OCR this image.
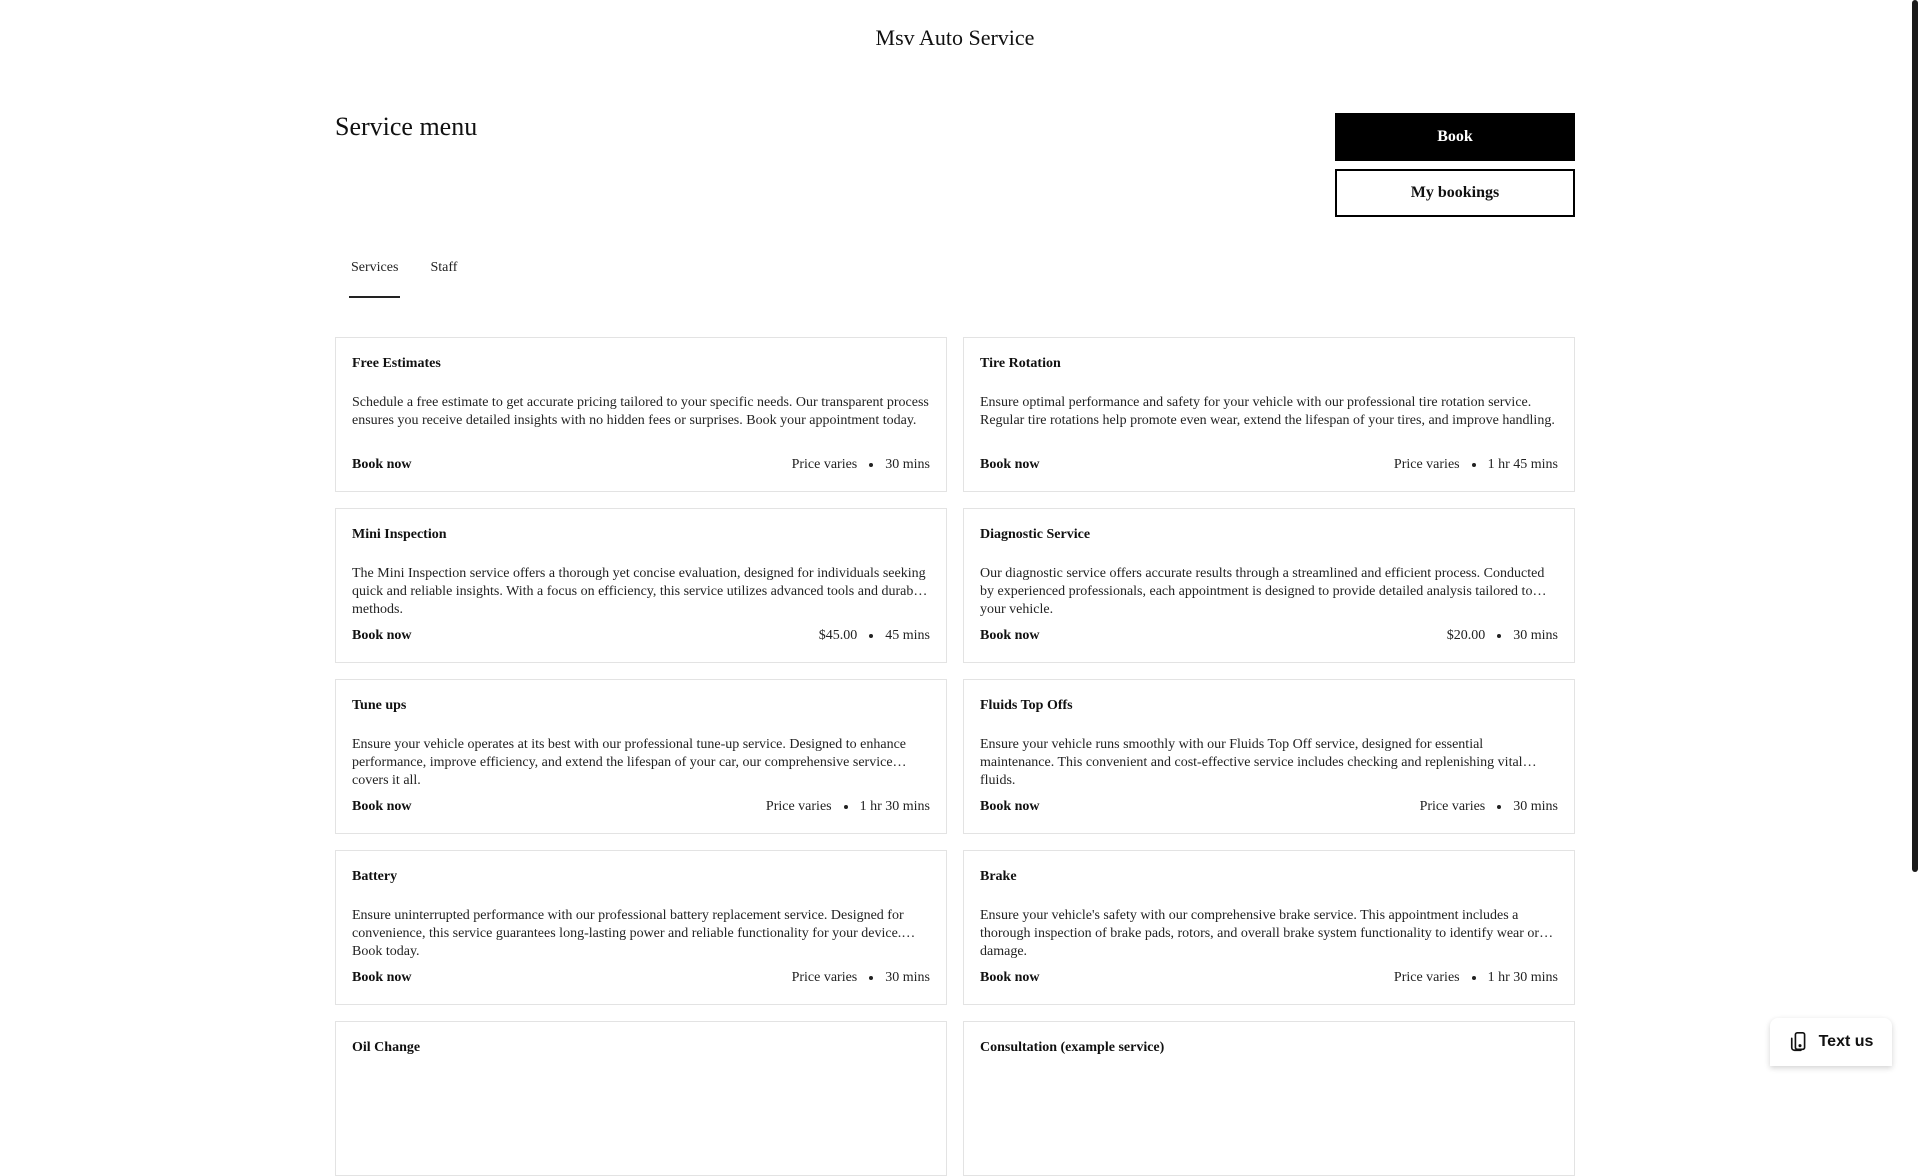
Msv Auto Service
Service menu	Book
My bookings
Services Staff
Free Estimates
Schedule a free estimate to get accurate pricing tailored to your specific needs. Our transparent process ensures you receive detailed insights with no hidden fees or surprises. Book your appointment today.
Book now	Price varies 30 mins
Tire Rotation
Ensure optimal performance and safety for your vehicle with our professional tire rotation service. Regular tire rotations help promote even wear, extend the lifespan of your tires, and improve handling.
Book now	Price varies 1 hr 45 mins
Mini Inspection
The Mini Inspection service offers a thorough yet concise evaluation, designed for individuals seeking quick and reliable insights. With a focus on efficiency, this service utilizes advanced tools and durable methods.
Book now	$45.00 45 mins
Diagnostic Service
Our diagnostic service offers accurate results through a streamlined and efficient process. Conducted by experienced professionals, each appointment is designed to provide detailed analysis tailored to your vehicle.
Book now	$20.00 30 mins
Tune ups
Ensure your vehicle operates at its best with our professional tune-up service. Designed to enhance performance, improve efficiency, and extend the lifespan of your car, our comprehensive service covers it all.
Book now	Price varies 1 hr 30 mins
Fluids Top Offs
Ensure your vehicle runs smoothly with our Fluids Top Off service, designed for essential maintenance. This convenient and cost-effective service includes checking and replenishing vital fluids.
Book now	Price varies 30 mins
Battery
Ensure uninterrupted performance with our professional battery replacement service. Designed for convenience, this service guarantees long-lasting power and reliable functionality for your device. Book today.
Book now	Price varies 30 mins
Brake
Ensure your vehicle's safety with our comprehensive brake service. This appointment includes a thorough inspection of brake pads, rotors, and overall brake system functionality to identify wear or damage.
Book now	Price varies 1 hr 30 mins
Oil Change	Consultation (example service)	Text us
